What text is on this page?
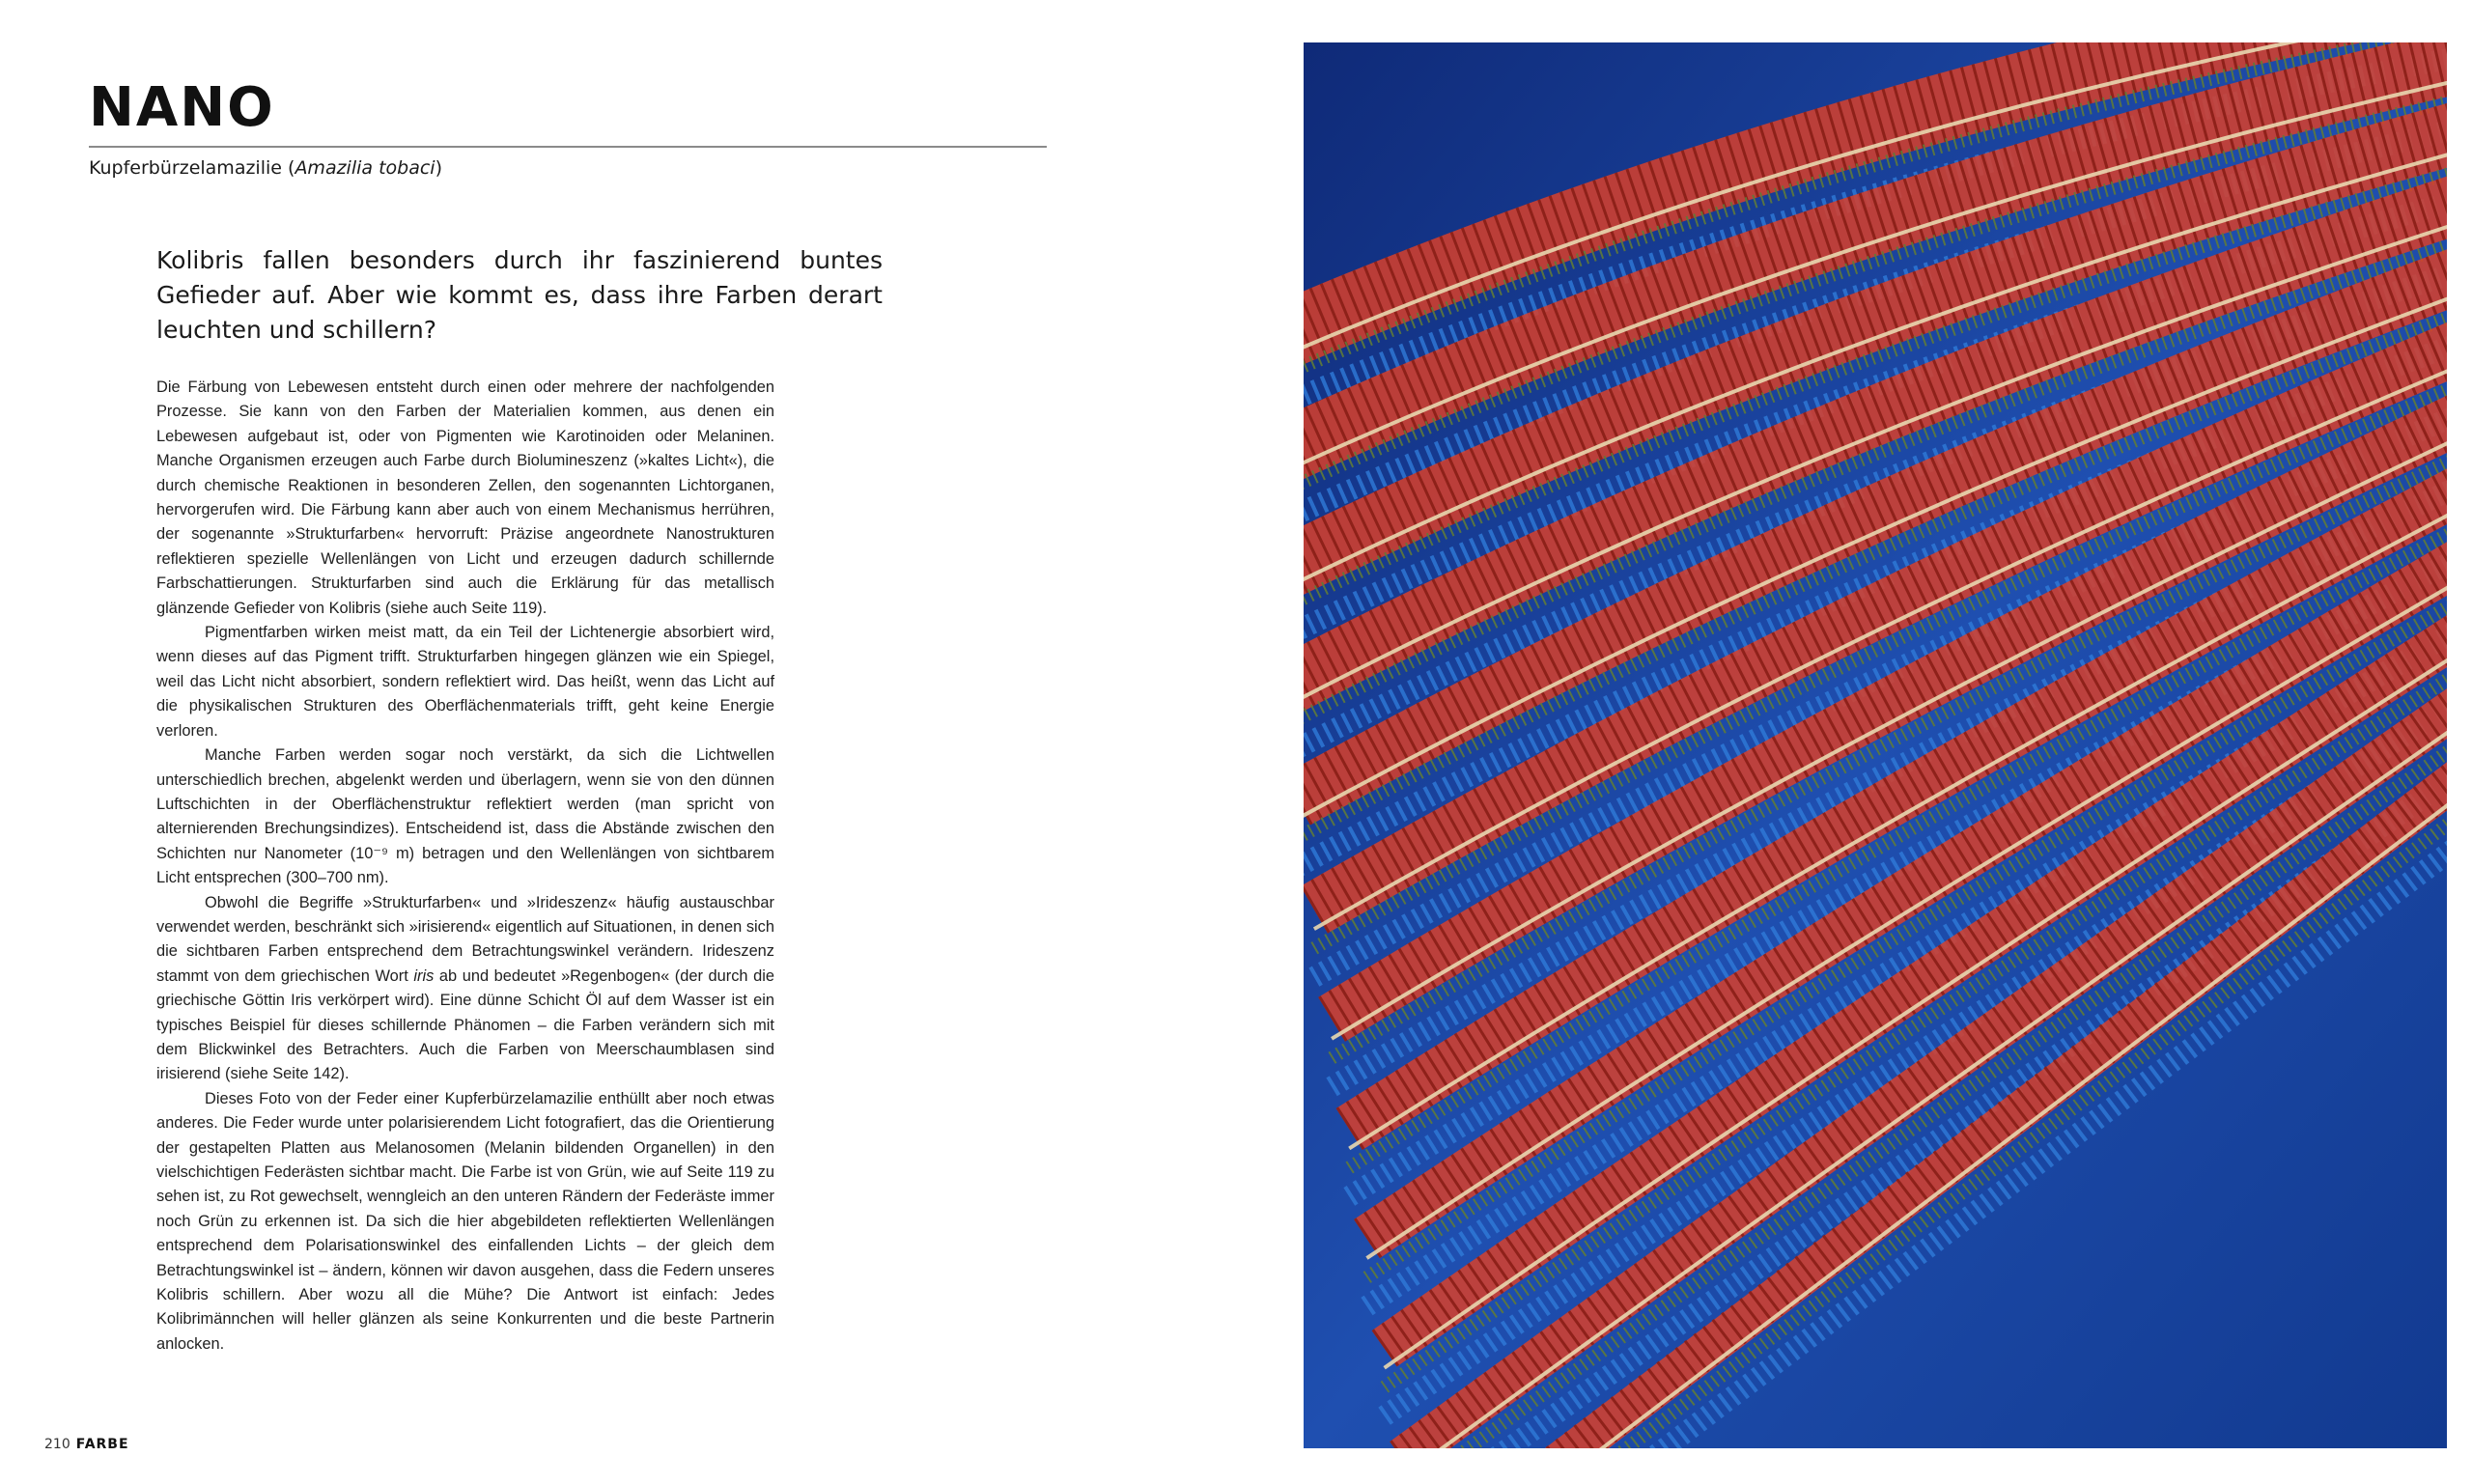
NANO
Kupferbürzelamazilie (Amazilia tobaci)

Kolibris fallen besonders durch ihr faszinierend buntes Gefieder auf. Aber wie kommt es, dass ihre Farben derart leuchten und schillern?

Die Färbung von Lebewesen entsteht durch einen oder mehrere der nachfolgenden Prozesse. Sie kann von den Farben der Materialien kommen, aus denen ein Lebewesen aufgebaut ist, oder von Pigmenten wie Karotinoiden oder Melaninen. Manche Organismen erzeugen auch Farbe durch Biolumineszenz (»kaltes Licht«), die durch chemische Reaktionen in besonderen Zellen, den sogenannten Lichtorganen, hervorgerufen wird. Die Färbung kann aber auch von einem Mechanismus herrühren, der sogenannte »Strukturfarben« hervorruft: Präzise angeordnete Nanostrukturen reflektieren spezielle Wellenlängen von Licht und erzeugen dadurch schillernde Farbschattierungen. Strukturfarben sind auch die Erklärung für das metallisch glänzende Gefieder von Kolibris (siehe auch Seite 119).

Pigmentfarben wirken meist matt, da ein Teil der Lichtenergie absorbiert wird, wenn dieses auf das Pigment trifft. Strukturfarben hingegen glänzen wie ein Spiegel, weil das Licht nicht absorbiert, sondern reflektiert wird. Das heißt, wenn das Licht auf die physikalischen Strukturen des Oberflächenmaterials trifft, geht keine Energie verloren.

Manche Farben werden sogar noch verstärkt, da sich die Lichtwellen unterschiedlich brechen, abgelenkt werden und überlagern, wenn sie von den dünnen Luftschichten in der Oberflächenstruktur reflektiert werden (man spricht von alternierenden Brechungsindizes). Entscheidend ist, dass die Abstände zwischen den Schichten nur Nanometer (10⁻⁹ m) betragen und den Wellenlängen von sichtbarem Licht entsprechen (300–700 nm).

Obwohl die Begriffe »Strukturfarben« und »Irideszenz« häufig austauschbar verwendet werden, beschränkt sich »irisierend« eigentlich auf Situationen, in denen sich die sichtbaren Farben entsprechend dem Betrachtungswinkel verändern. Irideszenz stammt von dem griechischen Wort iris ab und bedeutet »Regenbogen« (der durch die griechische Göttin Iris verkörpert wird). Eine dünne Schicht Öl auf dem Wasser ist ein typisches Beispiel für dieses schillernde Phänomen – die Farben verändern sich mit dem Blickwinkel des Betrachters. Auch die Farben von Meerschaumblasen sind irisierend (siehe Seite 142).

Dieses Foto von der Feder einer Kupferbürzelamazilie enthüllt aber noch etwas anderes. Die Feder wurde unter polarisierendem Licht fotografiert, das die Orientierung der gestapelten Platten aus Melanosomen (Melanin bildenden Organellen) in den vielschichtigen Federästen sichtbar macht. Die Farbe ist von Grün, wie auf Seite 119 zu sehen ist, zu Rot gewechselt, wenngleich an den unteren Rändern der Federäste immer noch Grün zu erkennen ist. Da sich die hier abgebildeten reflektierten Wellenlängen entsprechend dem Polarisationswinkel des einfallenden Lichts – der gleich dem Betrachtungswinkel ist – ändern, können wir davon ausgehen, dass die Federn unseres Kolibris schillern. Aber wozu all die Mühe? Die Antwort ist einfach: Jedes Kolibrimännchen will heller glänzen als seine Konkurrenten und die beste Partnerin anlocken.

210 FARBE
